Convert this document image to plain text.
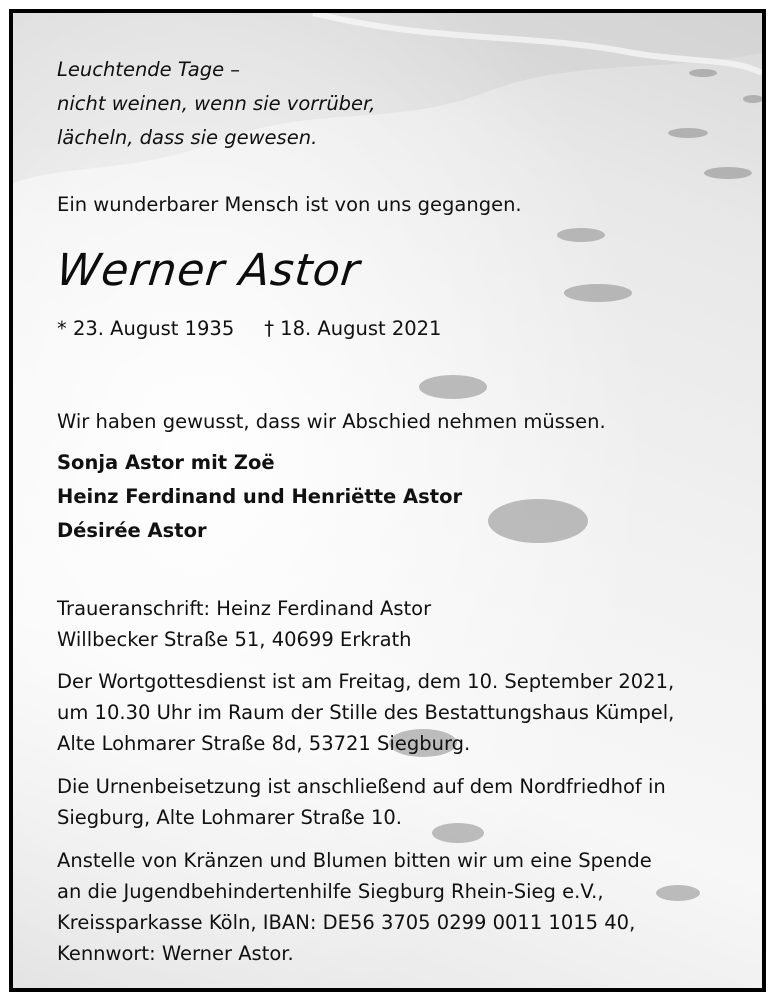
Leuchtende Tage –
nicht weinen, wenn sie vorrüber,
lächeln, dass sie gewesen.
Ein wunderbarer Mensch ist von uns gegangen.
Werner Astor
* 23. August 1935 † 18. August 2021
Wir haben gewusst, dass wir Abschied nehmen müssen.
Sonja Astor mit Zoë
Heinz Ferdinand und Henriëtte Astor
Désirée Astor
Traueranschrift: Heinz Ferdinand Astor
Willbecker Straße 51, 40699 Erkrath
Der Wortgottesdienst ist am Freitag, dem 10. September 2021,
um 10.30 Uhr im Raum der Stille des Bestattungshaus Kümpel,
Alte Lohmarer Straße 8d, 53721 Siegburg.
Die Urnenbeisetzung ist anschließend auf dem Nordfriedhof in
Siegburg, Alte Lohmarer Straße 10.
Anstelle von Kränzen und Blumen bitten wir um eine Spende
an die Jugendbehindertenhilfe Siegburg Rhein-Sieg e.V.,
Kreissparkasse Köln, IBAN: DE56 3705 0299 0011 1015 40,
Kennwort: Werner Astor.
